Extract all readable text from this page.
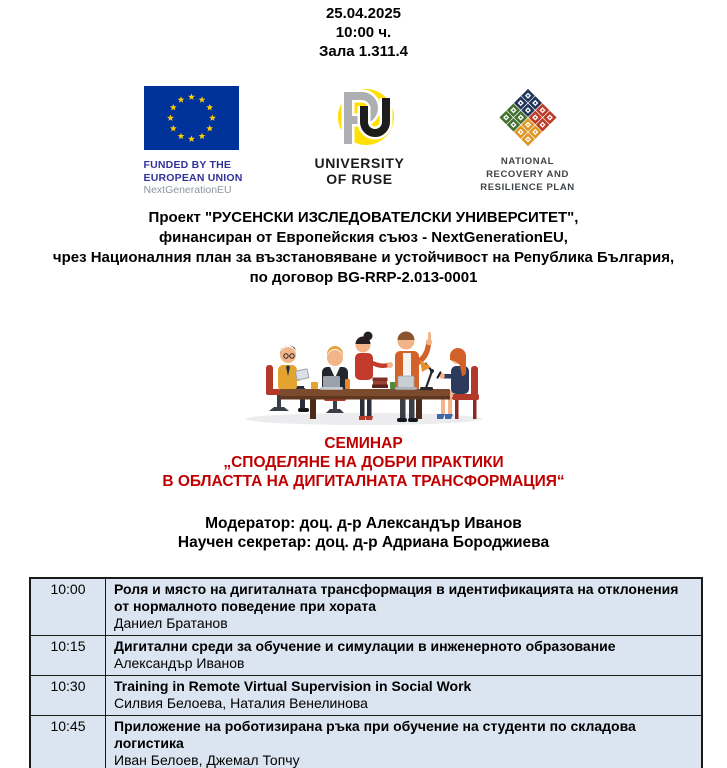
25.04.2025
10:00 ч.
Зала 1.311.4
FUNDED BY THE
EUROPEAN UNION
NextGenerationEU
UNIVERSITY
OF RUSE
NATIONAL
RECOVERY AND
RESILIENCE PLAN
Проект "РУСЕНСКИ ИЗСЛЕДОВАТЕЛСКИ УНИВЕРСИТЕТ",
финансиран от Европейския съюз - NextGenerationEU,
чрез Националния план за възстановяване и устойчивост на Република България,
по договор BG-RRP-2.013-0001
СЕМИНАР
„СПОДЕЛЯНЕ НА ДОБРИ ПРАКТИКИ
В ОБЛАСТТА НА ДИГИТАЛНАТА ТРАНСФОРМАЦИЯ“
Модератор: доц. д-р Александър Иванов
Научен секретар: доц. д-р Адриана Бороджиева
10:00	Роля и място на дигиталната трансформация в идентификацията на отклонения от нормалното поведение при хората
Даниел Братанов

10:15	Дигитални среди за обучение и симулации в инженерното образование
Александър Иванов

10:30	Training in Remote Virtual Supervision in Social Work
Силвия Белоева, Наталия Венелинова

10:45	Приложение на роботизирана ръка при обучение на студенти по складова логистика
Иван Белоев, Джемал Топчу
